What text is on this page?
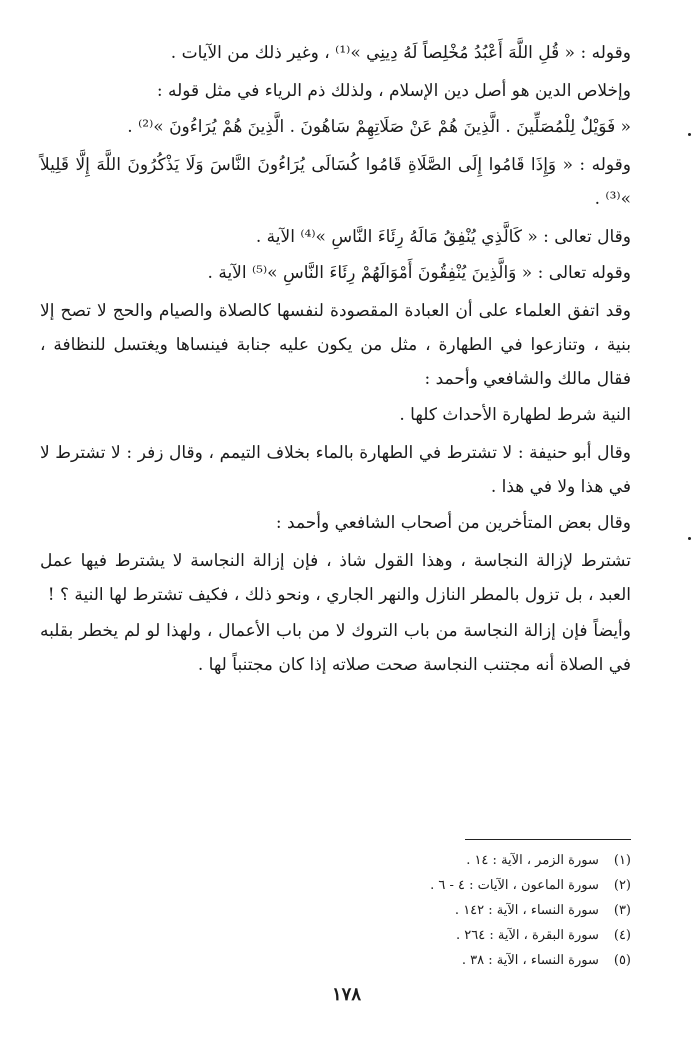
وقوله : « قُلِ اللَّهَ أَعْبُدُ مُخْلِصاً لَهُ دِينِي »⁽¹⁾ ، وغير ذلك من الآيات .

وإخلاص الدين هو أصل دين الإسلام ، ولذلك ذم الرياء في مثل قوله :

« فَوَيْلٌ لِلْمُصَلِّينَ . الَّذِينَ هُمْ عَنْ صَلَاتِهِمْ سَاهُونَ . الَّذِينَ هُمْ يُرَاءُونَ »⁽²⁾ .

وقوله : « وَإِذَا قَامُوا إِلَى الصَّلَاةِ قَامُوا كُسَالَى يُرَاءُونَ النَّاسَ وَلَا يَذْكُرُونَ اللَّهَ إِلَّا قَلِيلاً »⁽³⁾ .

وقال تعالى : « كَالَّذِي يُنْفِقُ مَالَهُ رِئَاءَ النَّاسِ »⁽⁴⁾ الآية .

وقوله تعالى : « وَالَّذِينَ يُنْفِقُونَ أَمْوَالَهُمْ رِئَاءَ النَّاسِ »⁽⁵⁾ الآية .

وقد اتفق العلماء على أن العبادة المقصودة لنفسها كالصلاة والصيام والحج لا تصح إلا بنية ، وتنازعوا في الطهارة ، مثل من يكون عليه جنابة فينساها ويغتسل للنظافة ، فقال مالك والشافعي وأحمد :

النية شرط لطهارة الأحداث كلها .

وقال أبو حنيفة : لا تشترط في الطهارة بالماء بخلاف التيمم ، وقال زفر : لا تشترط لا في هذا ولا في هذا .

وقال بعض المتأخرين من أصحاب الشافعي وأحمد :

تشترط لإزالة النجاسة ، وهذا القول شاذ ، فإن إزالة النجاسة لا يشترط فيها عمل العبد ، بل تزول بالمطر النازل والنهر الجاري ، ونحو ذلك ، فكيف تشترط لها النية ؟ !

وأيضاً فإن إزالة النجاسة من باب التروك لا من باب الأعمال ، ولهذا لو لم يخطر بقلبه في الصلاة أنه مجتنب النجاسة صحت صلاته إذا كان مجتنباً لها .

(١) سورة الزمر ، الآية : ١٤ .

(٢) سورة الماعون ، الآيات : ٤ - ٦ .

(٣) سورة النساء ، الآية : ١٤٢ .

(٤) سورة البقرة ، الآية : ٢٦٤ .

(٥) سورة النساء ، الآية : ٣٨ .

١٧٨
